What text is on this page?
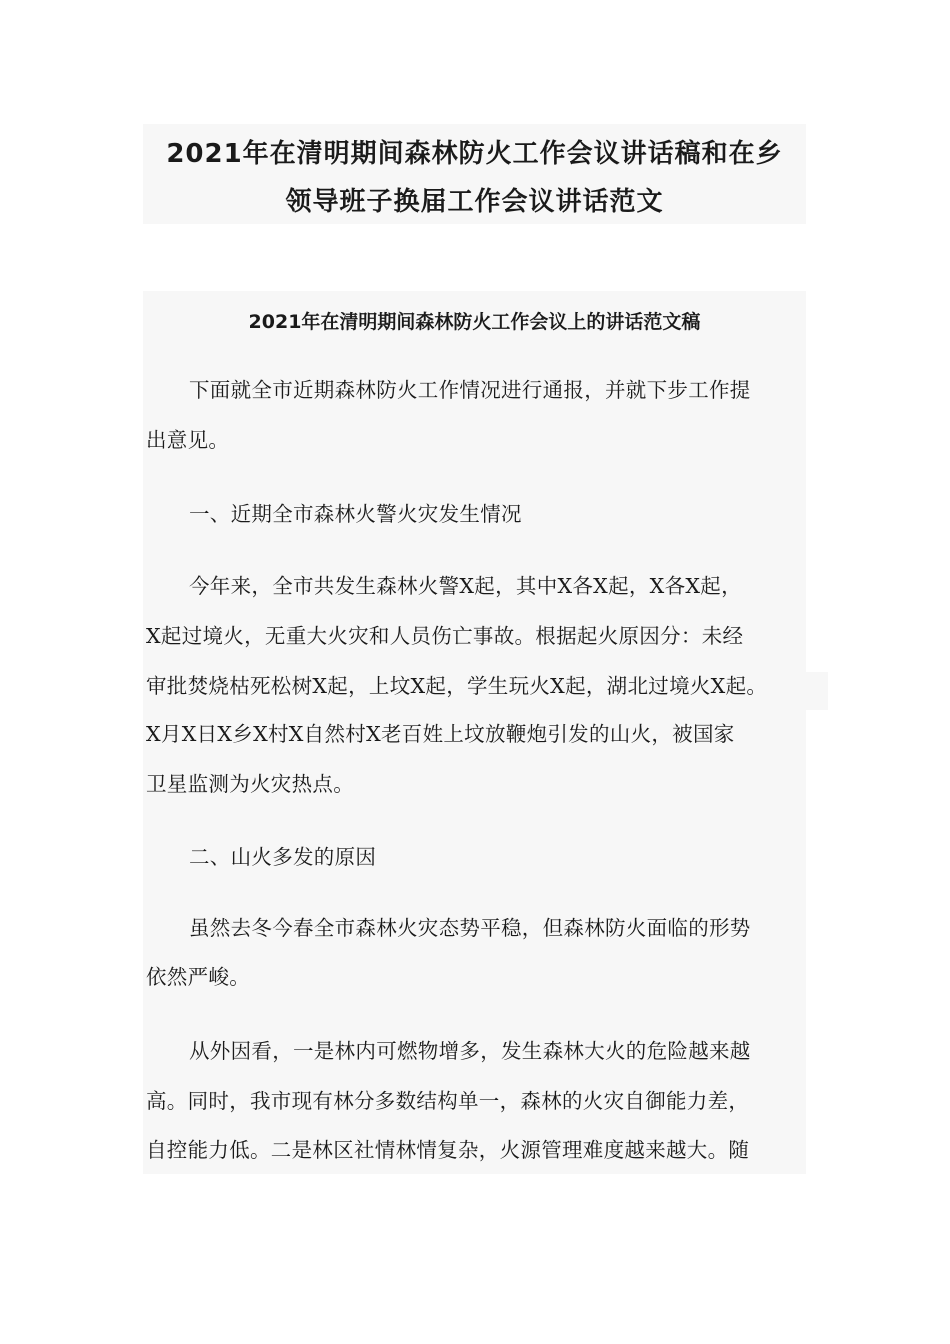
2021年在清明期间森林防火工作会议讲话稿和在乡
领导班子换届工作会议讲话范文
2021年在清明期间森林防火工作会议上的讲话范文稿
下面就全市近期森林防火工作情况进行通报，并就下步工作提
出意见。
一、近期全市森林火警火灾发生情况
今年来，全市共发生森林火警X起，其中X各X起，X各X起，
X起过境火，无重大火灾和人员伤亡事故。根据起火原因分：未经
审批焚烧枯死松树X起，上坟X起，学生玩火X起，湖北过境火X起。
X月X日X乡X村X自然村X老百姓上坟放鞭炮引发的山火，被国家
卫星监测为火灾热点。
二、山火多发的原因
虽然去冬今春全市森林火灾态势平稳，但森林防火面临的形势
依然严峻。
从外因看，一是林内可燃物增多，发生森林大火的危险越来越
高。同时，我市现有林分多数结构单一，森林的火灾自御能力差，
自控能力低。二是林区社情林情复杂，火源管理难度越来越大。随
